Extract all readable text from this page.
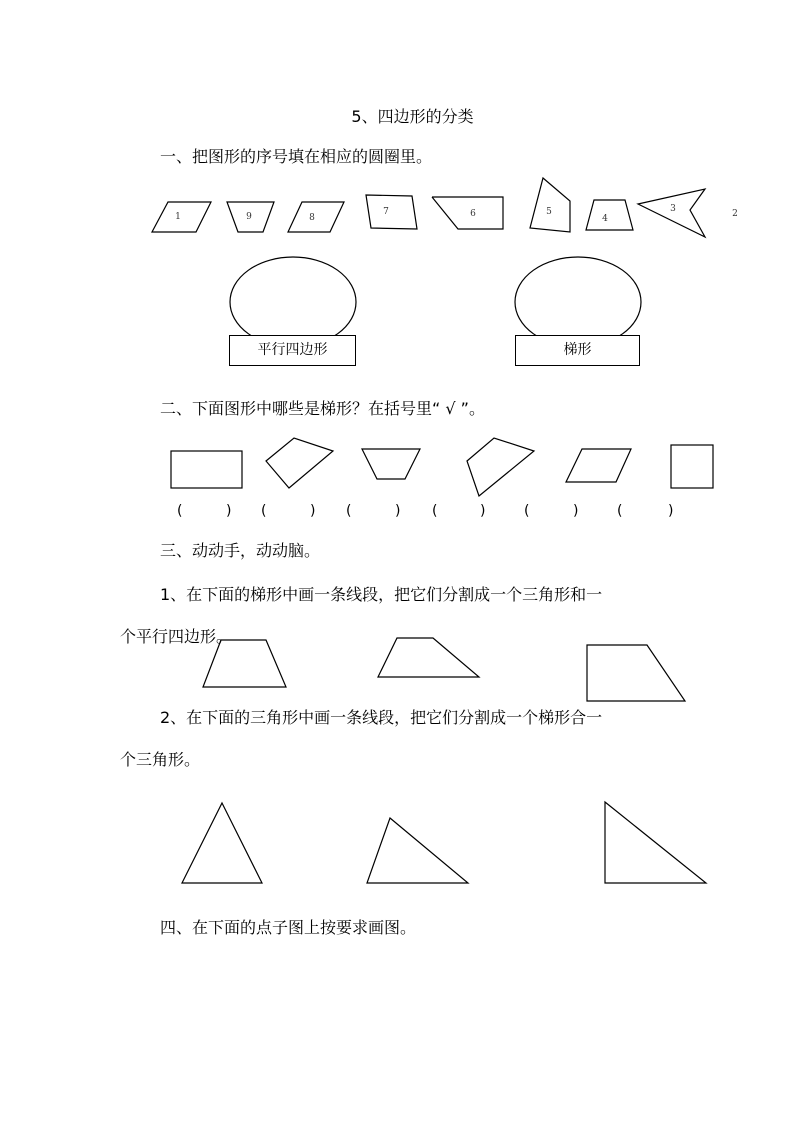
5、四边形的分类
一、把图形的序号填在相应的圆圈里。
1	9	8
7	6	5
4
3	2
平行四边形	梯形
二、下面图形中哪些是梯形？在括号里“ √ ”。
(	) (	) (	) (	)	(	)	(	)
三、动动手，动动脑。
1、在下面的梯形中画一条线段，把它们分割成一个三角形和一
个平行四边形。
2、在下面的三角形中画一条线段，把它们分割成一个梯形合一
个三角形。
四、在下面的点子图上按要求画图。
